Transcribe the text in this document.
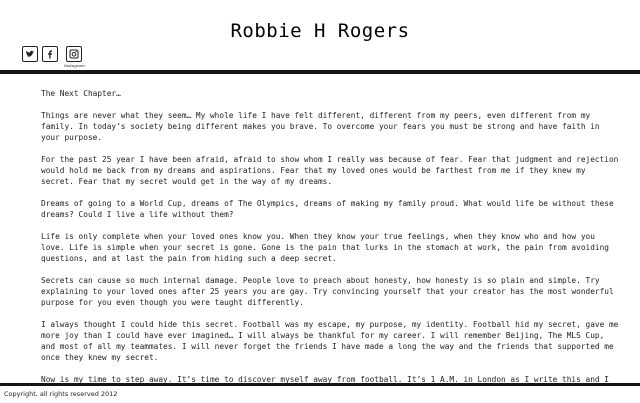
Robbie H Rogers
Instagram

The Next Chapter…

Things are never what they seem… My whole life I have felt different, different from my peers, even different from my family. In today’s society being different makes you brave. To overcome your fears you must be strong and have faith in your purpose.

For the past 25 year I have been afraid, afraid to show whom I really was because of fear. Fear that judgment and rejection would hold me back from my dreams and aspirations. Fear that my loved ones would be farthest from me if they knew my secret. Fear that my secret would get in the way of my dreams.

Dreams of going to a World Cup, dreams of The Olympics, dreams of making my family proud. What would life be without these dreams? Could I live a life without them?

Life is only complete when your loved ones know you. When they know your true feelings, when they know who and how you love. Life is simple when your secret is gone. Gone is the pain that lurks in the stomach at work, the pain from avoiding questions, and at last the pain from hiding such a deep secret.

Secrets can cause so much internal damage. People love to preach about honesty, how honesty is so plain and simple. Try explaining to your loved ones after 25 years you are gay. Try convincing yourself that your creator has the most wonderful purpose for you even though you were taught differently.

I always thought I could hide this secret. Football was my escape, my purpose, my identity. Football hid my secret, gave me more joy than I could have ever imagined… I will always be thankful for my career. I will remember Beijing, The MLS Cup, and most of all my teammates. I will never forget the friends I have made a long the way and the friends that supported me once they knew my secret.

Now is my time to step away. It’s time to discover myself away from football. It’s 1 A.M. in London as I write this and I

Copyright, all rights reserved 2012
